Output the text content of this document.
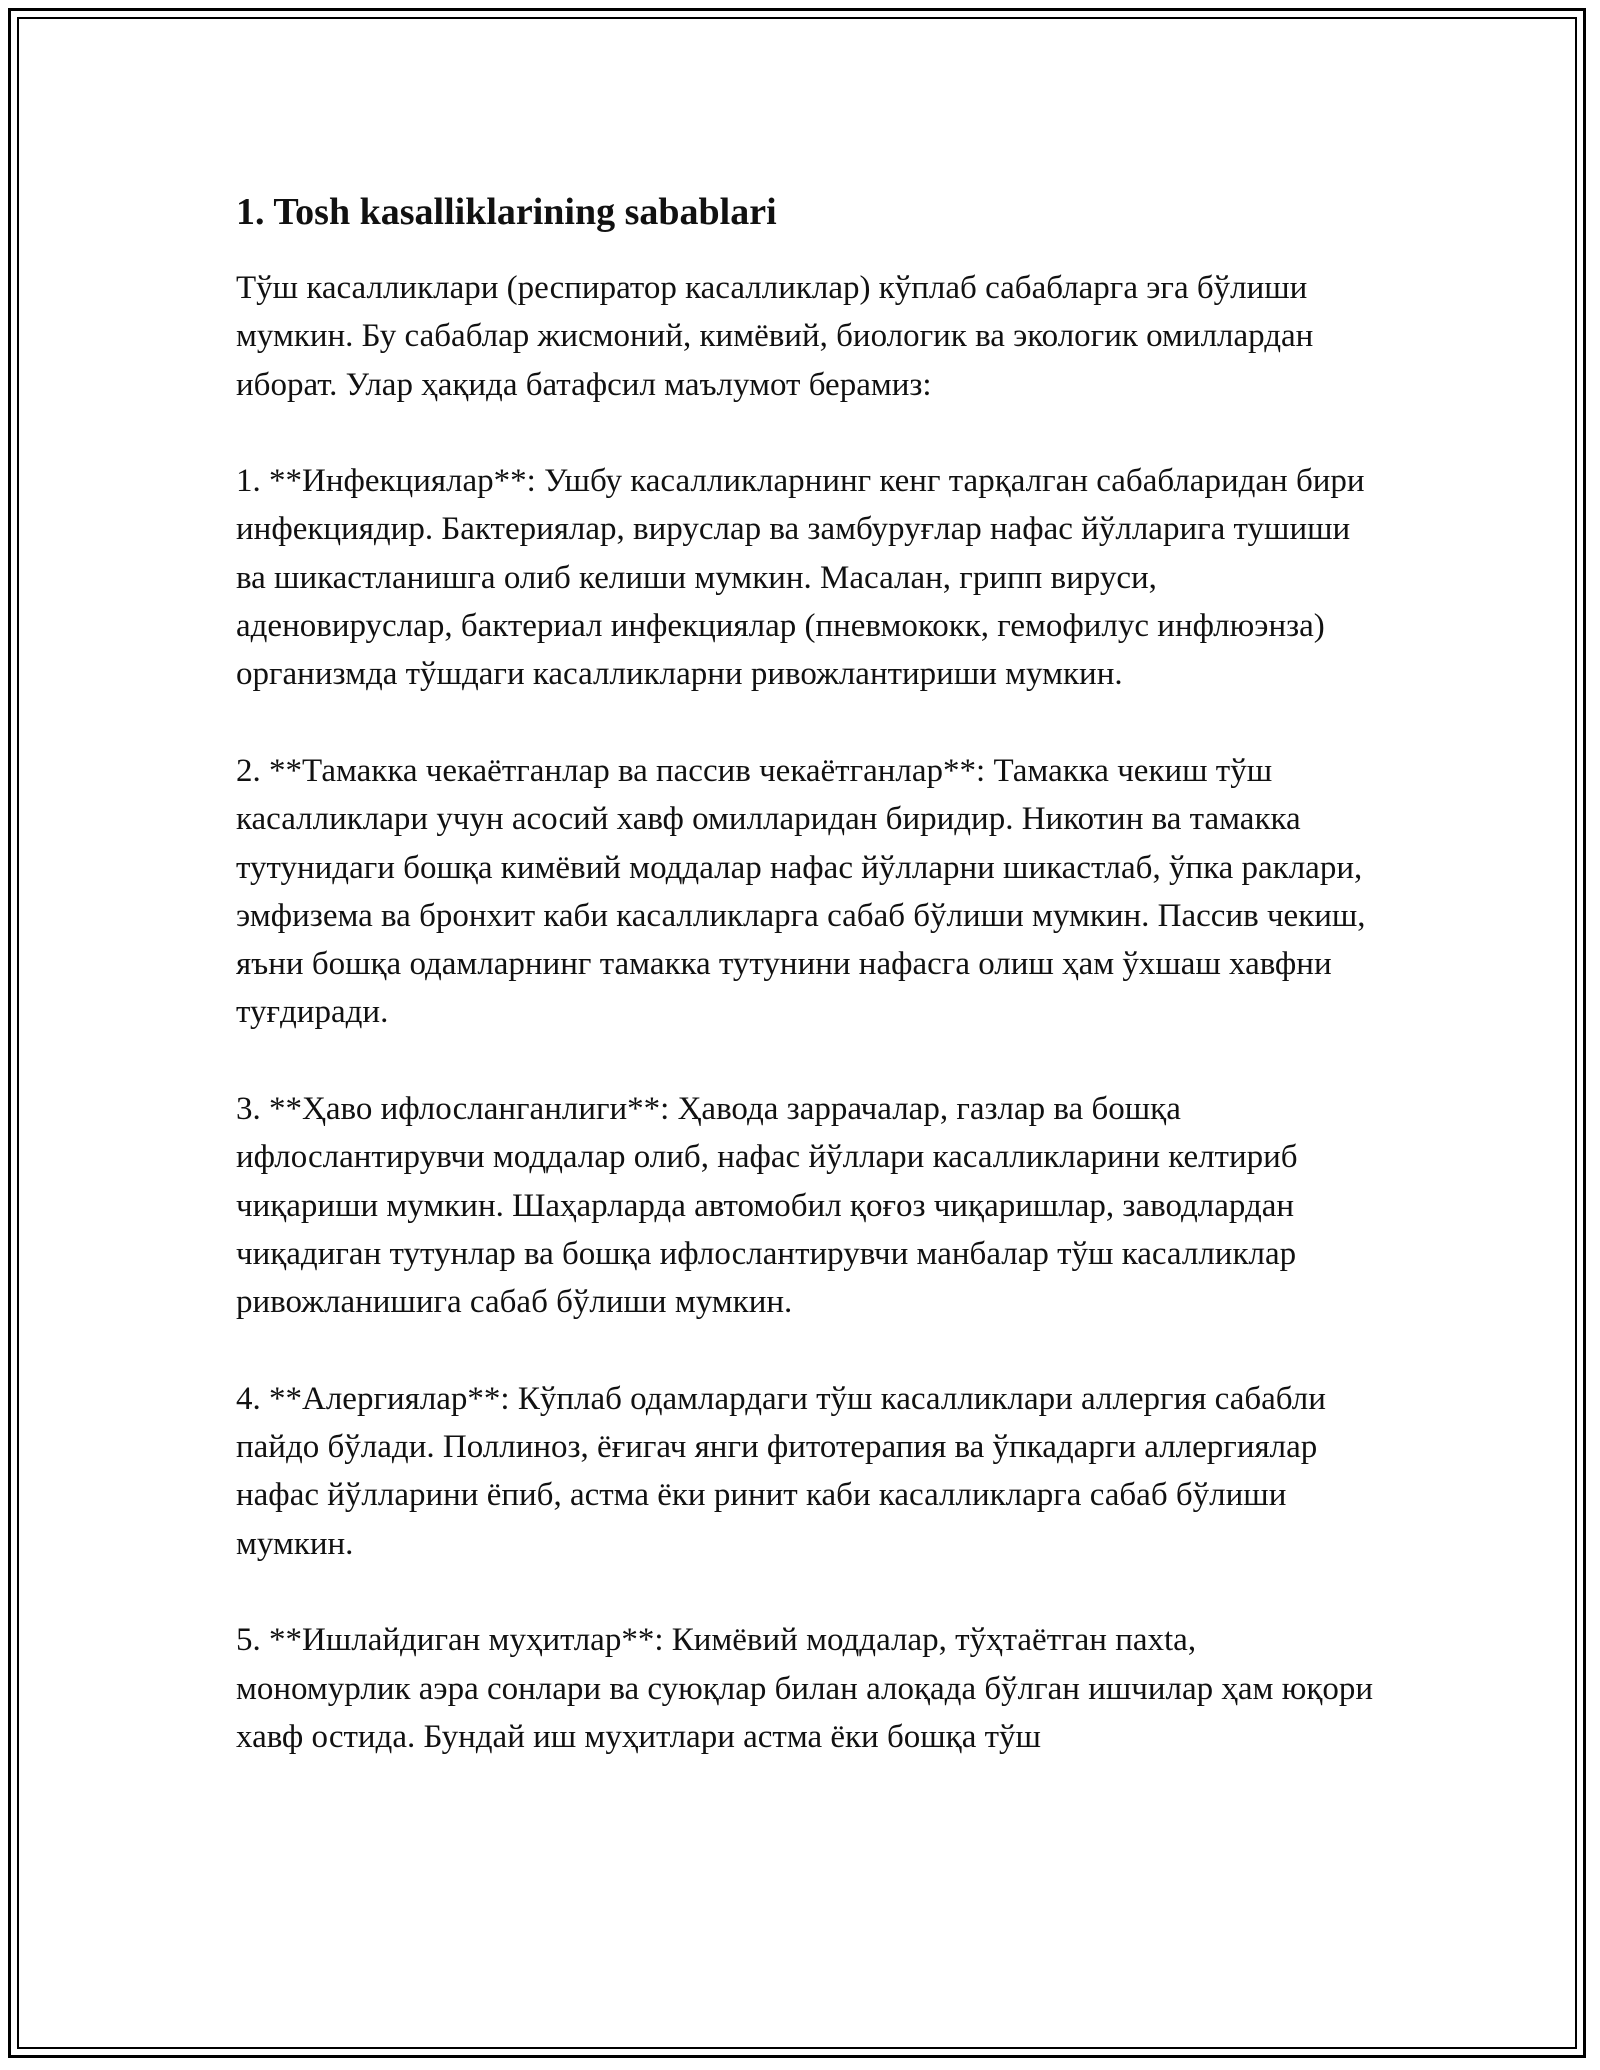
1. Tosh kasalliklarining sabablari

Тўш касалликлари (респиратор касалликлар) кўплаб сабабларга эга бўлиши мумкин. Бу сабаблар жисмоний, кимёвий, биологик ва экологик омиллардан иборат. Улар ҳақида батафсил маълумот берамиз:

1. **Инфекциялар**: Ушбу касалликларнинг кенг тарқалган сабабларидан бири инфекциядир. Бактериялар, вируслар ва замбуруғлар нафас йўлларига тушиши ва шикастланишга олиб келиши мумкин. Масалан, грипп вируси, аденовируслар, бактериал инфекциялар (пневмококк, гемофилус инфлюэнза) организмда тўшдаги касалликларни ривожлантириши мумкин.

2. **Тамакка чекаётганлар ва пассив чекаётганлар**: Тамакка чекиш тўш касалликлари учун асосий хавф омилларидан биридир. Никотин ва тамакка тутунидаги бошқа кимёвий моддалар нафас йўлларни шикастлаб, ўпка раклари, эмфизема ва бронхит каби касалликларга сабаб бўлиши мумкин. Пассив чекиш, яъни бошқа одамларнинг тамакка тутунини нафасга олиш ҳам ўхшаш хавфни туғдиради.

3. **Ҳаво ифлосланганлиги**: Ҳавода заррачалар, газлар ва бошқа ифлослантирувчи моддалар олиб, нафас йўллари касалликларини келтириб чиқариши мумкин. Шаҳарларда автомобил қоғоз чиқаришлар, заводлардан чиқадиган тутунлар ва бошқа ифлослантирувчи манбалар тўш касалликлар ривожланишига сабаб бўлиши мумкин.

4. **Алергиялар**: Кўплаб одамлардаги тўш касалликлари аллергия сабабли пайдо бўлади. Поллиноз, ёғигач янги фитотерапия ва ўпкадарги аллергиялар нафас йўлларини ёпиб, астма ёки ринит каби касалликларга сабаб бўлиши мумкин.

5. **Ишлайдиган муҳитлар**: Кимёвий моддалар, тўҳтаётган пахtа, мономурлик аэра сонлари ва суюқлар билан алоқада бўлган ишчилар ҳам юқори хавф остида. Бундай иш муҳитлари астма ёки бошқа тўш
